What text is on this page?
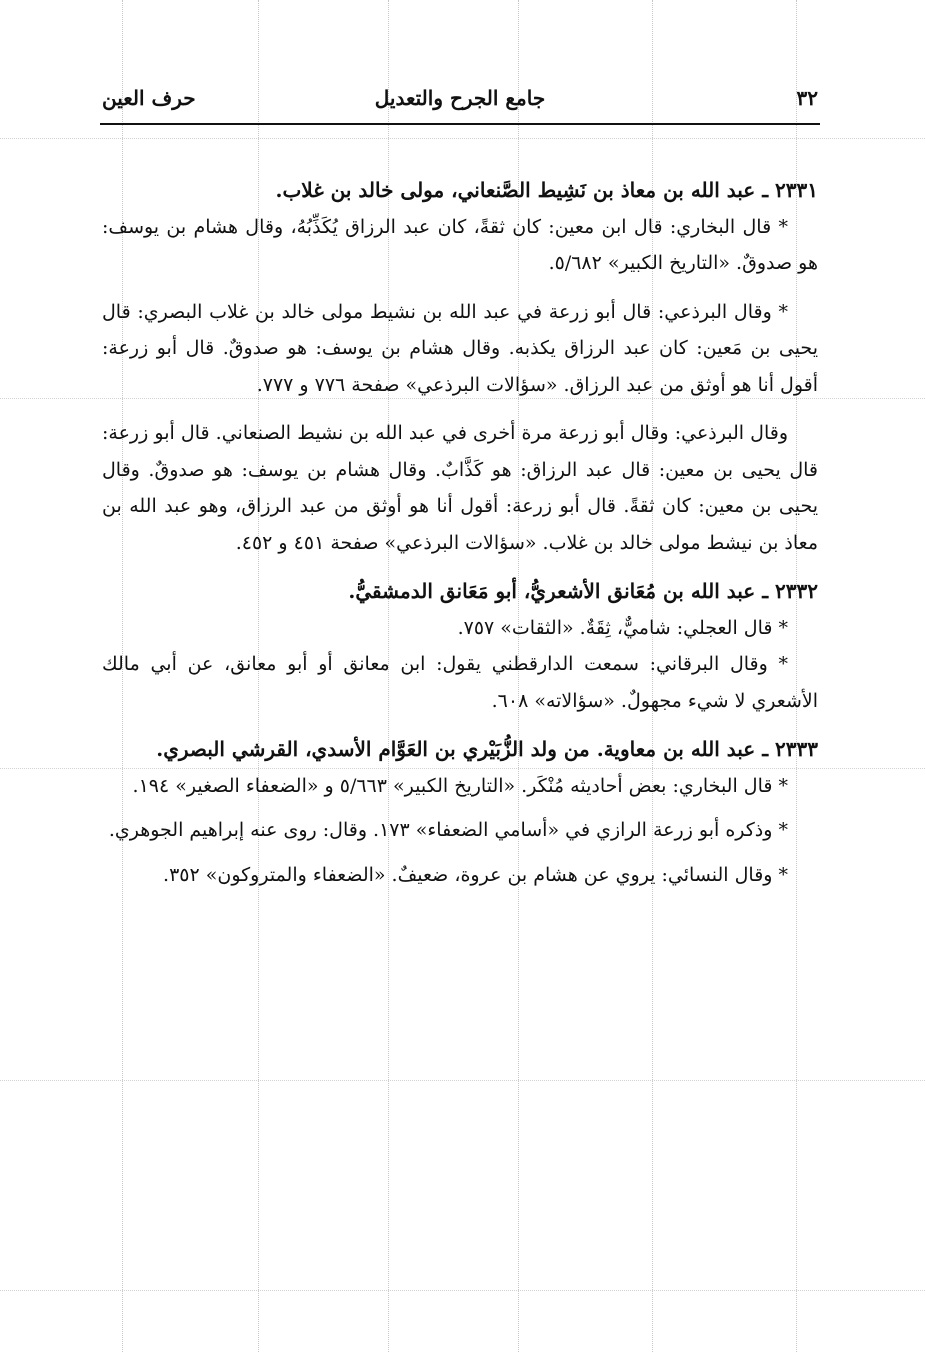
٣٢
جامع الجرح والتعديل
حرف العين

٢٣٣١ ـ عبد الله بن معاذ بن نَشِيط الصَّنعاني، مولى خالد بن غلاب.

* قال البخاري: قال ابن معين: كان ثقةً، كان عبد الرزاق يُكَذِّبُهُ، وقال هشام بن يوسف: هو صدوقٌ. «التاريخ الكبير» ٥/٦٨٢.

* وقال البرذعي: قال أبو زرعة في عبد الله بن نشيط مولى خالد بن غلاب البصري: قال يحيى بن مَعين: كان عبد الرزاق يكذبه. وقال هشام بن يوسف: هو صدوقٌ. قال أبو زرعة: أقول أنا هو أوثق من عبد الرزاق. «سؤالات البرذعي» صفحة ٧٧٦ و ٧٧٧.

وقال البرذعي: وقال أبو زرعة مرة أخرى في عبد الله بن نشيط الصنعاني. قال أبو زرعة: قال يحيى بن معين: قال عبد الرزاق: هو كَذَّابٌ. وقال هشام بن يوسف: هو صدوقٌ. وقال يحيى بن معين: كان ثقةً. قال أبو زرعة: أقول أنا هو أوثق من عبد الرزاق، وهو عبد الله بن معاذ بن نيشط مولى خالد بن غلاب. «سؤالات البرذعي» صفحة ٤٥١ و ٤٥٢.

٢٣٣٢ ـ عبد الله بن مُعَانق الأشعريُّ، أبو مَعَانق الدمشقيُّ.

* قال العجلي: شاميٌّ، ثِقَةٌ. «الثقات» ٧٥٧.

* وقال البرقاني: سمعت الدارقطني يقول: ابن معانق أو أبو معانق، عن أبي مالك الأشعري لا شيء مجهولٌ. «سؤالاته» ٦٠٨.

٢٣٣٣ ـ عبد الله بن معاوية. من ولد الزُّبَيْري بن العَوَّام الأسدي، القرشي البصري.

* قال البخاري: بعض أحاديثه مُنْكَر. «التاريخ الكبير» ٥/٦٦٣ و «الضعفاء الصغير» ١٩٤.

* وذكره أبو زرعة الرازي في «أسامي الضعفاء» ١٧٣. وقال: روى عنه إبراهيم الجوهري.

* وقال النسائي: يروي عن هشام بن عروة، ضعيفٌ. «الضعفاء والمتروكون» ٣٥٢.
